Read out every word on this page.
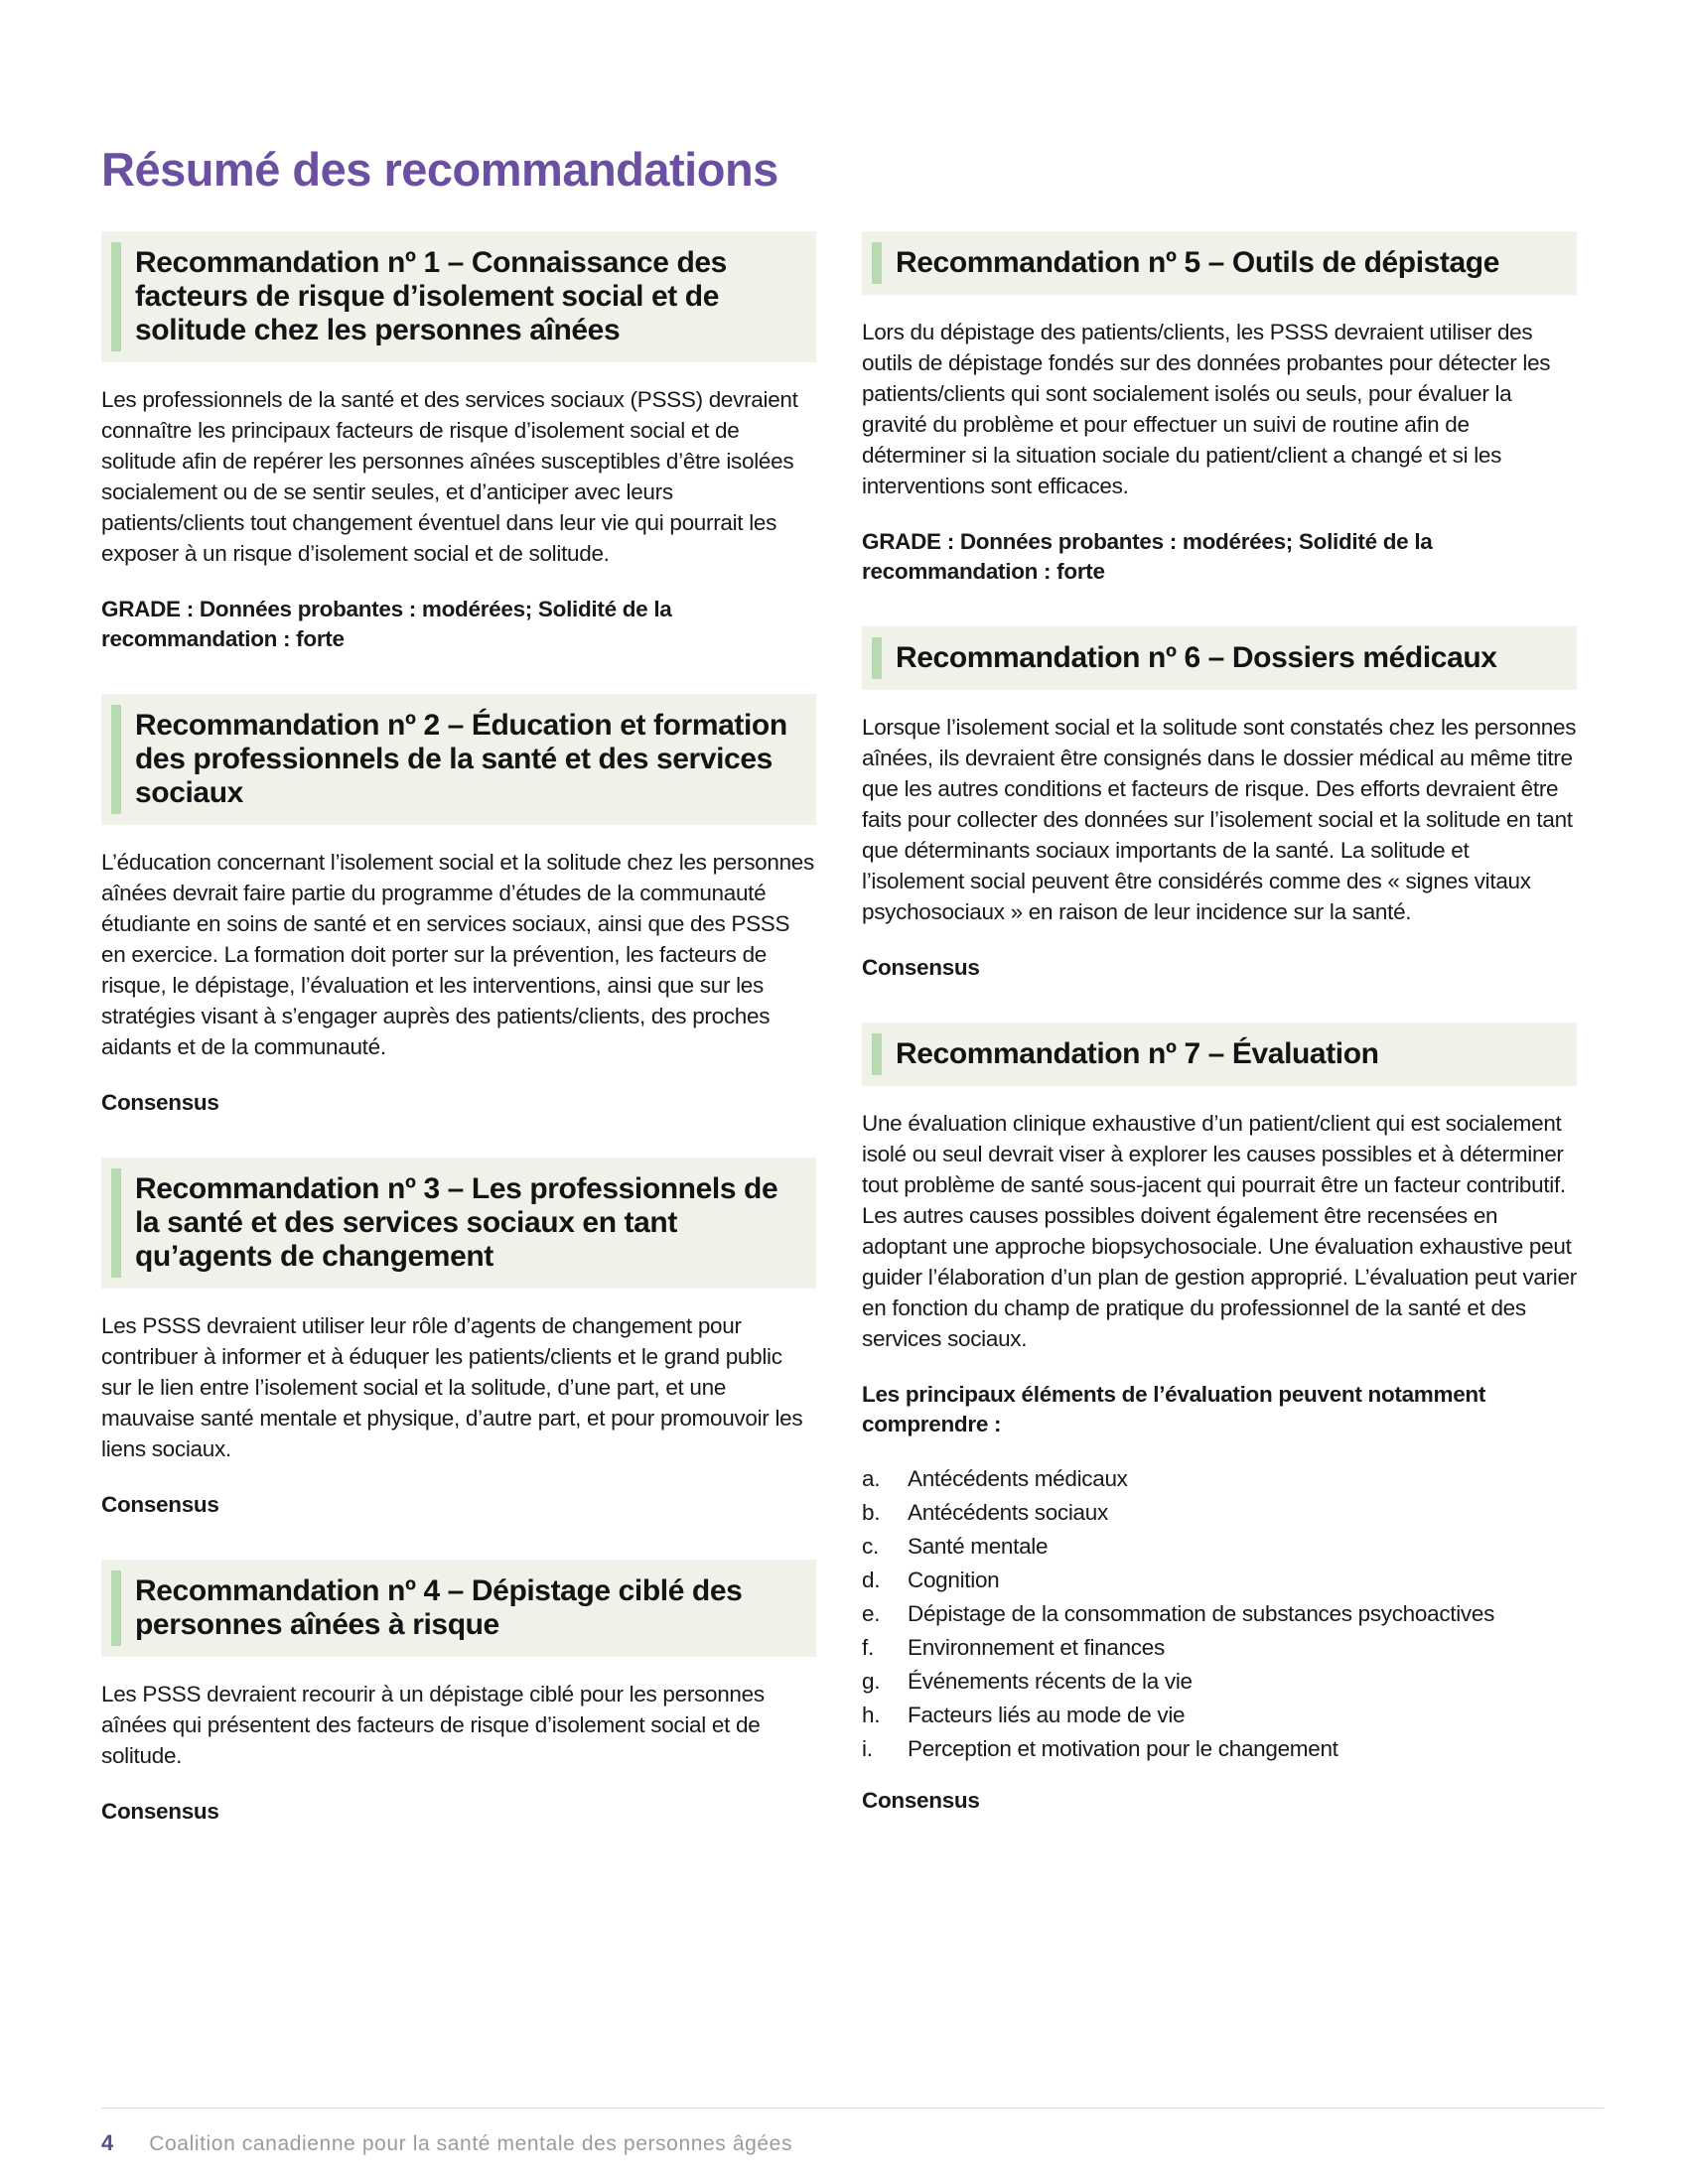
Résumé des recommandations
Recommandation nº 1 – Connaissance des facteurs de risque d’isolement social et de solitude chez les personnes aînées

Les professionnels de la santé et des services sociaux (PSSS) devraient connaître les principaux facteurs de risque d’isolement social et de solitude afin de repérer les personnes aînées susceptibles d’être isolées socialement ou de se sentir seules, et d’anticiper avec leurs patients/clients tout changement éventuel dans leur vie qui pourrait les exposer à un risque d’isolement social et de solitude.

GRADE : Données probantes : modérées; Solidité de la recommandation : forte

Recommandation nº 2 – Éducation et formation des professionnels de la santé et des services sociaux

L’éducation concernant l’isolement social et la solitude chez les personnes aînées devrait faire partie du programme d’études de la communauté étudiante en soins de santé et en services sociaux, ainsi que des PSSS en exercice. La formation doit porter sur la prévention, les facteurs de risque, le dépistage, l’évaluation et les interventions, ainsi que sur les stratégies visant à s’engager auprès des patients/clients, des proches aidants et de la communauté.

Consensus

Recommandation nº 3 – Les professionnels de la santé et des services sociaux en tant qu’agents de changement

Les PSSS devraient utiliser leur rôle d’agents de changement pour contribuer à informer et à éduquer les patients/clients et le grand public sur le lien entre l’isolement social et la solitude, d’une part, et une mauvaise santé mentale et physique, d’autre part, et pour promouvoir les liens sociaux.

Consensus

Recommandation nº 4 – Dépistage ciblé des personnes aînées à risque

Les PSSS devraient recourir à un dépistage ciblé pour les personnes aînées qui présentent des facteurs de risque d’isolement social et de solitude.

Consensus

Recommandation nº 5 – Outils de dépistage

Lors du dépistage des patients/clients, les PSSS devraient utiliser des outils de dépistage fondés sur des données probantes pour détecter les patients/clients qui sont socialement isolés ou seuls, pour évaluer la gravité du problème et pour effectuer un suivi de routine afin de déterminer si la situation sociale du patient/client a changé et si les interventions sont efficaces.

GRADE : Données probantes : modérées; Solidité de la recommandation : forte

Recommandation nº 6 – Dossiers médicaux

Lorsque l’isolement social et la solitude sont constatés chez les personnes aînées, ils devraient être consignés dans le dossier médical au même titre que les autres conditions et facteurs de risque. Des efforts devraient être faits pour collecter des données sur l’isolement social et la solitude en tant que déterminants sociaux importants de la santé. La solitude et l’isolement social peuvent être considérés comme des « signes vitaux psychosociaux » en raison de leur incidence sur la santé.

Consensus

Recommandation nº 7 – Évaluation

Une évaluation clinique exhaustive d’un patient/client qui est socialement isolé ou seul devrait viser à explorer les causes possibles et à déterminer tout problème de santé sous-jacent qui pourrait être un facteur contributif. Les autres causes possibles doivent également être recensées en adoptant une approche biopsychosociale. Une évaluation exhaustive peut guider l’élaboration d’un plan de gestion approprié. L’évaluation peut varier en fonction du champ de pratique du professionnel de la santé et des services sociaux.

Les principaux éléments de l’évaluation peuvent notamment comprendre :

a.	Antécédents médicaux
b.	Antécédents sociaux
c.	Santé mentale
d.	Cognition
e.	Dépistage de la consommation de substances psychoactives
f.	Environnement et finances
g.	Événements récents de la vie
h.	Facteurs liés au mode de vie
i.	Perception et motivation pour le changement

Consensus

4 Coalition canadienne pour la santé mentale des personnes âgées
